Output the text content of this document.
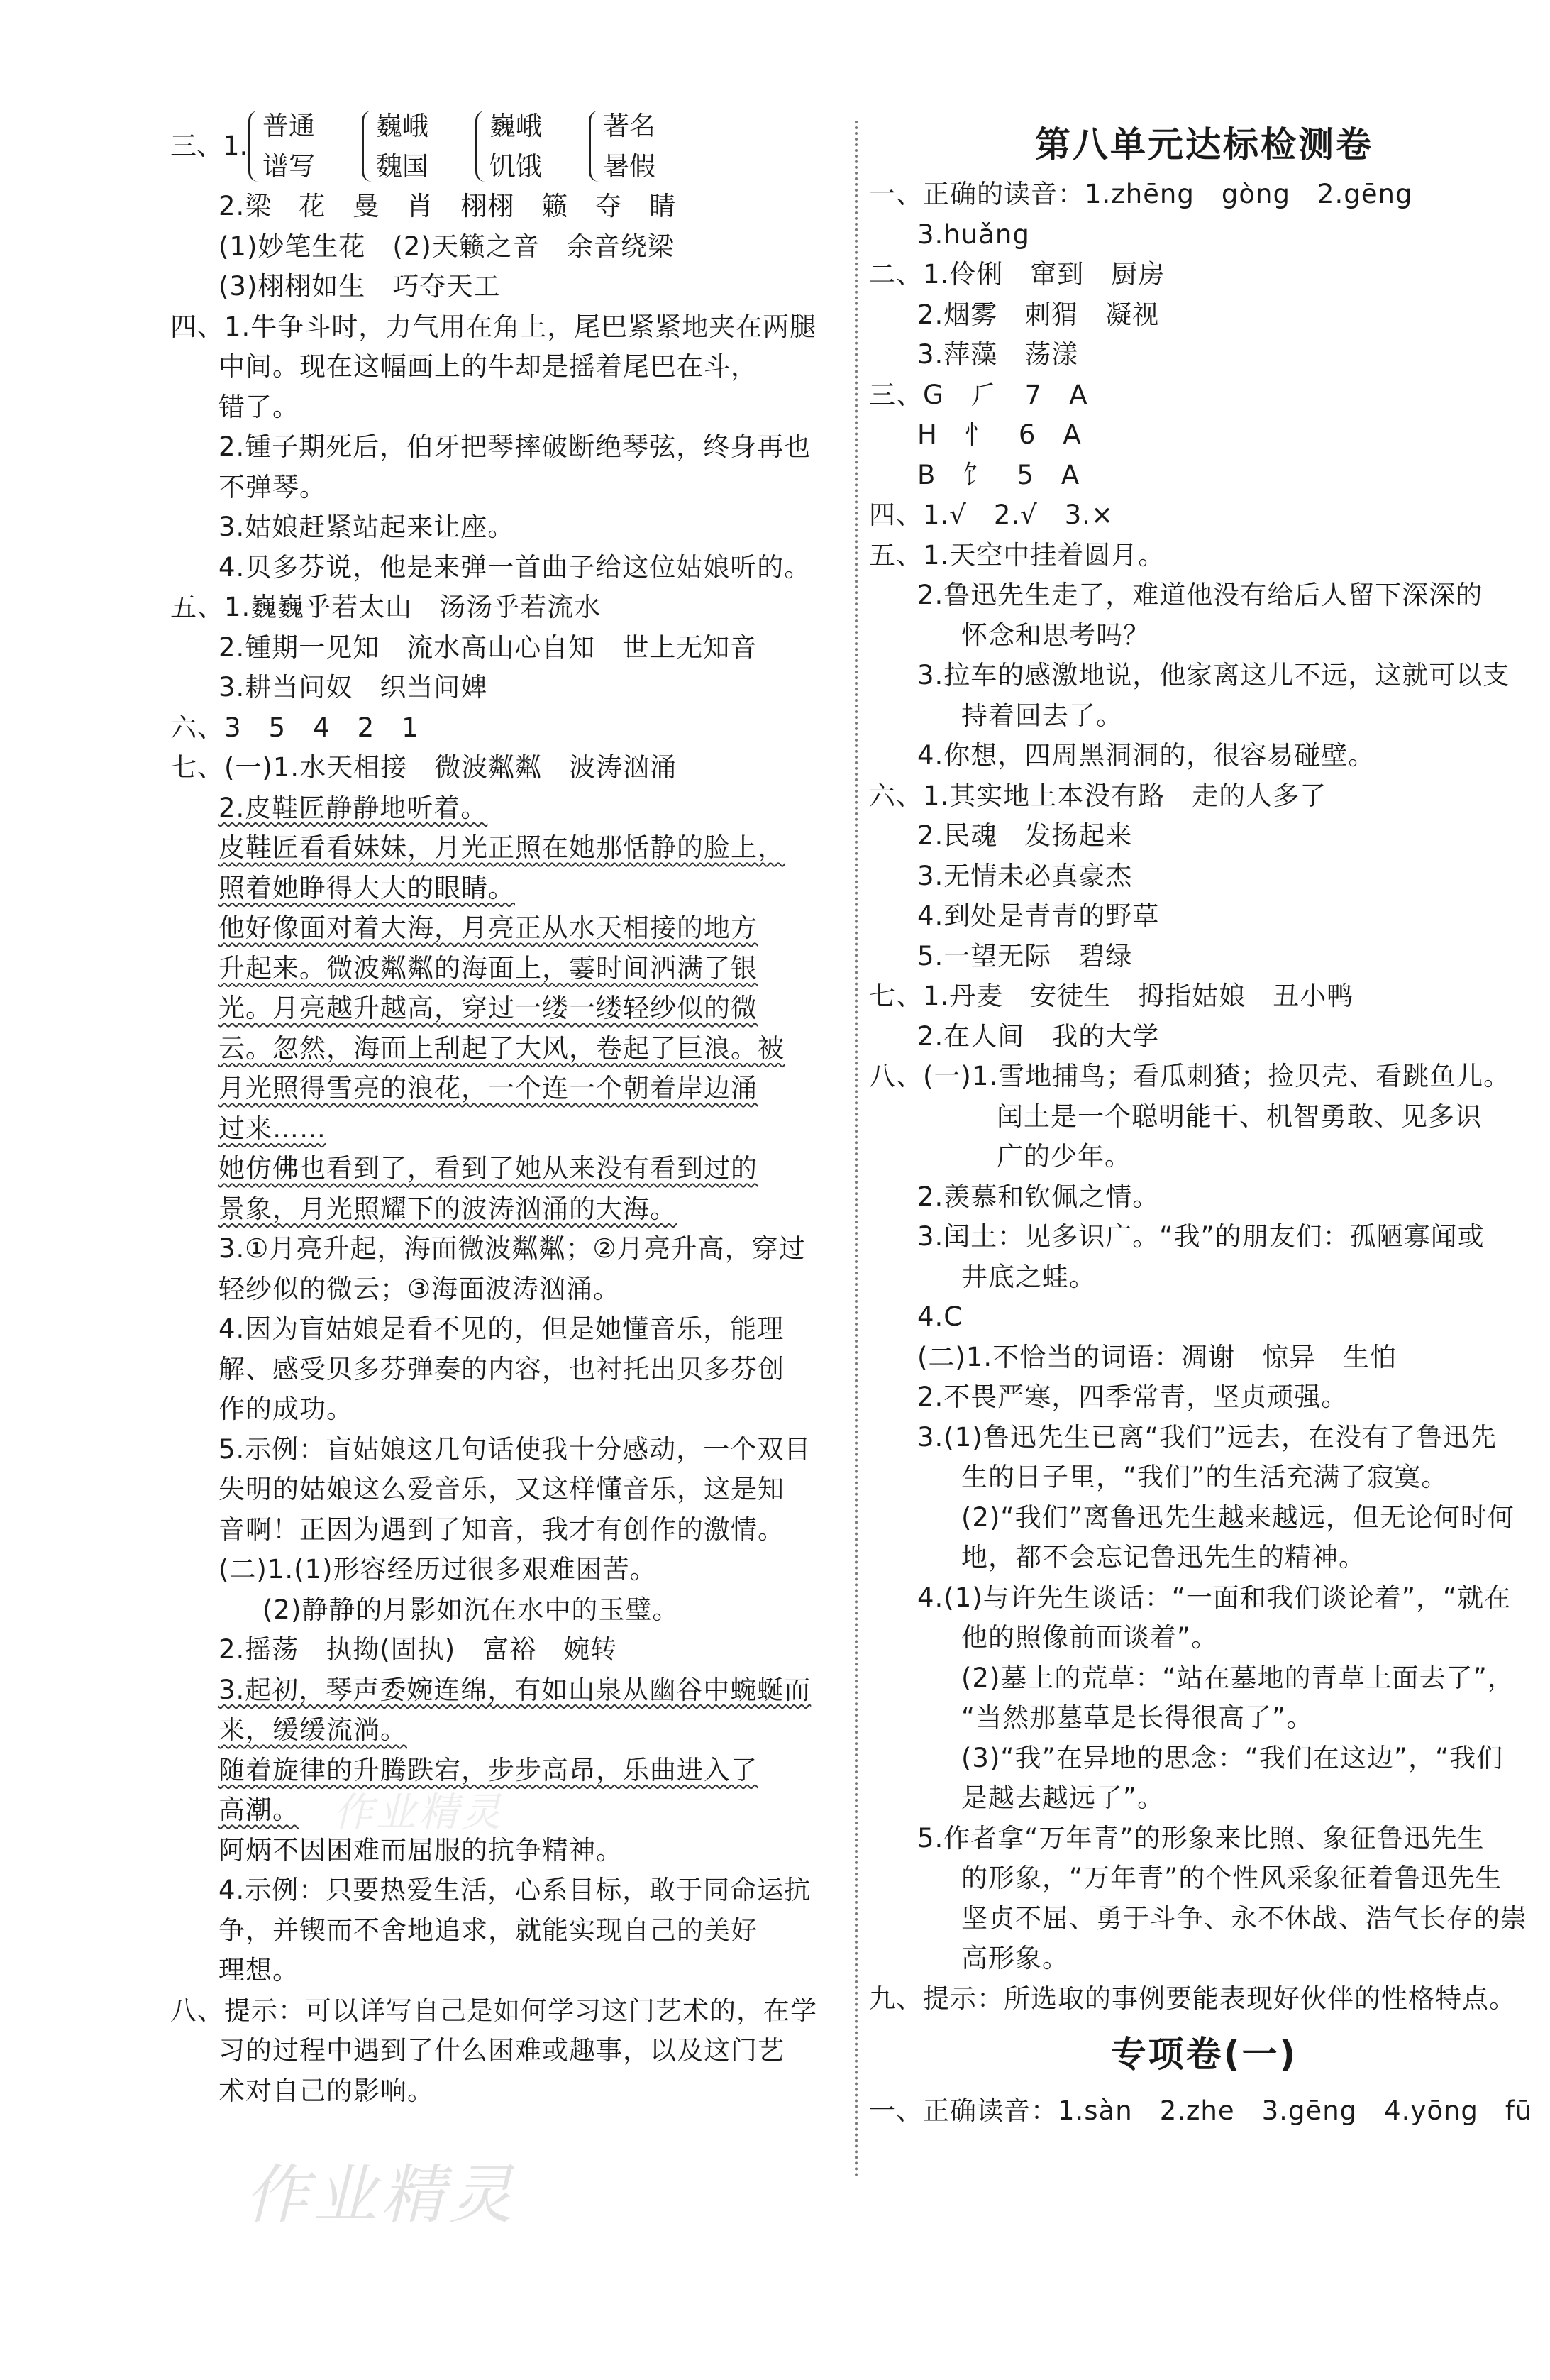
三、1.
普通
谱写
巍峨
魏国
巍峨
饥饿
著名
暑假
2.梁　花　曼　肖　栩栩　籁　夺　睛
(1)妙笔生花　(2)天籁之音　余音绕梁
(3)栩栩如生　巧夺天工
四、1.牛争斗时，力气用在角上，尾巴紧紧地夹在两腿
中间。现在这幅画上的牛却是摇着尾巴在斗，
错了。
2.锺子期死后，伯牙把琴摔破断绝琴弦，终身再也
不弹琴。
3.姑娘赶紧站起来让座。
4.贝多芬说，他是来弹一首曲子给这位姑娘听的。
五、1.巍巍乎若太山　汤汤乎若流水
2.锺期一见知　流水高山心自知　世上无知音
3.耕当问奴　织当问婢
六、3　5　4　2　1
七、(一)1.水天相接　微波粼粼　波涛汹涌
2.皮鞋匠静静地听着。
皮鞋匠看看妹妹，月光正照在她那恬静的脸上，
照着她睁得大大的眼睛。
他好像面对着大海，月亮正从水天相接的地方
升起来。微波粼粼的海面上，霎时间洒满了银
光。月亮越升越高，穿过一缕一缕轻纱似的微
云。忽然，海面上刮起了大风，卷起了巨浪。被
月光照得雪亮的浪花，一个连一个朝着岸边涌
过来……
她仿佛也看到了，看到了她从来没有看到过的
景象，月光照耀下的波涛汹涌的大海。
3.①月亮升起，海面微波粼粼；②月亮升高，穿过
轻纱似的微云；③海面波涛汹涌。
4.因为盲姑娘是看不见的，但是她懂音乐，能理
解、感受贝多芬弹奏的内容，也衬托出贝多芬创
作的成功。
5.示例：盲姑娘这几句话使我十分感动，一个双目
失明的姑娘这么爱音乐，又这样懂音乐，这是知
音啊！正因为遇到了知音，我才有创作的激情。
(二)1.(1)形容经历过很多艰难困苦。
(2)静静的月影如沉在水中的玉璧。
2.摇荡　执拗(固执)　富裕　婉转
3.起初，琴声委婉连绵，有如山泉从幽谷中蜿蜒而
来，缓缓流淌。
随着旋律的升腾跌宕，步步高昂，乐曲进入了
高潮。
阿炳不因困难而屈服的抗争精神。
4.示例：只要热爱生活，心系目标，敢于同命运抗
争，并锲而不舍地追求，就能实现自己的美好
理想。
八、提示：可以详写自己是如何学习这门艺术的，在学
习的过程中遇到了什么困难或趣事，以及这门艺
术对自己的影响。
第八单元达标检测卷
一、正确的读音：1.zhēng　gòng　2.gēng
3.huǎng
二、1.伶俐　窜到　厨房
2.烟雾　刺猬　凝视
3.萍藻　荡漾
三、G　⺁　7　A
H　忄　6　A
B　饣　5　A
四、1.√　2.√　3.×
五、1.天空中挂着圆月。
2.鲁迅先生走了，难道他没有给后人留下深深的
怀念和思考吗？
3.拉车的感激地说，他家离这儿不远，这就可以支
持着回去了。
4.你想，四周黑洞洞的，很容易碰壁。
六、1.其实地上本没有路　走的人多了
2.民魂　发扬起来
3.无情未必真豪杰
4.到处是青青的野草
5.一望无际　碧绿
七、1.丹麦　安徒生　拇指姑娘　丑小鸭
2.在人间　我的大学
八、(一)1.雪地捕鸟；看瓜刺猹；捡贝壳、看跳鱼儿。
闰土是一个聪明能干、机智勇敢、见多识
广的少年。
2.羡慕和钦佩之情。
3.闰土：见多识广。“我”的朋友们：孤陋寡闻或
井底之蛙。
4.C
(二)1.不恰当的词语：凋谢　惊异　生怕
2.不畏严寒，四季常青，坚贞顽强。
3.(1)鲁迅先生已离“我们”远去，在没有了鲁迅先
生的日子里，“我们”的生活充满了寂寞。
(2)“我们”离鲁迅先生越来越远，但无论何时何
地，都不会忘记鲁迅先生的精神。
4.(1)与许先生谈话：“一面和我们谈论着”，“就在
他的照像前面谈着”。
(2)墓上的荒草：“站在墓地的青草上面去了”，
“当然那墓草是长得很高了”。
(3)“我”在异地的思念：“我们在这边”，“我们
是越去越远了”。
5.作者拿“万年青”的形象来比照、象征鲁迅先生
的形象，“万年青”的个性风采象征着鲁迅先生
坚贞不屈、勇于斗争、永不休战、浩气长存的崇
高形象。
九、提示：所选取的事例要能表现好伙伴的性格特点。
专项卷(一)
一、正确读音：1.sàn　2.zhe　3.gēng　4.yōng　fū
作业精灵
作业精灵
